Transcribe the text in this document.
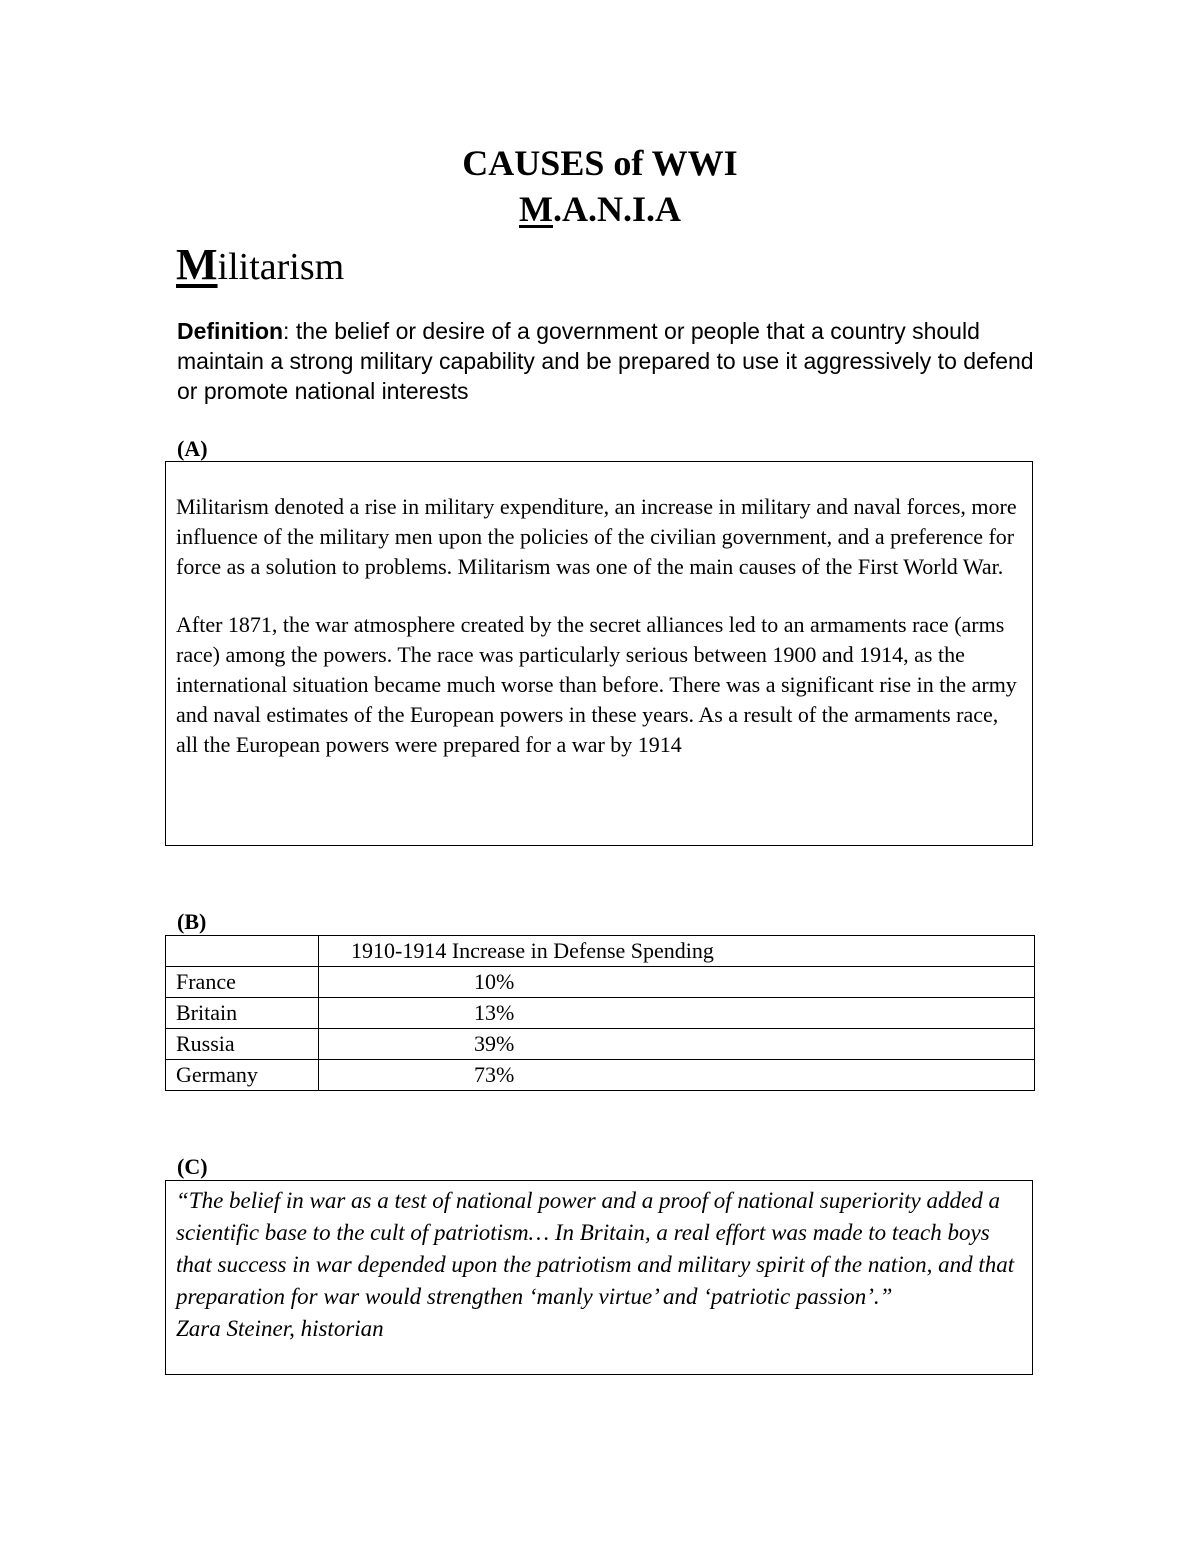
CAUSES of WWI
M.A.N.I.A
Militarism
Definition: the belief or desire of a government or people that a country should maintain a strong military capability and be prepared to use it aggressively to defend or promote national interests
(A)

Militarism denoted a rise in military expenditure, an increase in military and naval forces, more influence of the military men upon the policies of the civilian government, and a preference for force as a solution to problems. Militarism was one of the main causes of the First World War.

After 1871, the war atmosphere created by the secret alliances led to an armaments race (arms race) among the powers. The race was particularly serious between 1900 and 1914, as the international situation became much worse than before. There was a significant rise in the army and naval estimates of the European powers in these years. As a result of the armaments race, all the European powers were prepared for a war by 1914

(B)
	1910-1914 Increase in Defense Spending
France	10%
Britain	13%
Russia	39%
Germany	73%
(C)

“The belief in war as a test of national power and a proof of national superiority added a scientific base to the cult of patriotism… In Britain, a real effort was made to teach boys that success in war depended upon the patriotism and military spirit of the nation, and that preparation for war would strengthen ‘manly virtue’ and ‘patriotic passion’.”

Zara Steiner, historian
